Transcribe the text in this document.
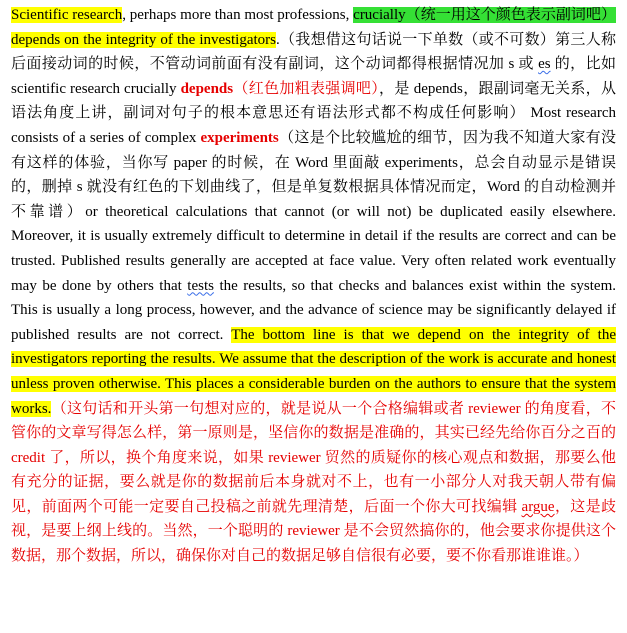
Scientific research, perhaps more than most professions, crucially（统一用这个颜色表示副词吧）depends on the integrity of the investigators.（我想借这句话说一下单数（或不可数）第三人称后面接动词的时候，不管动词前面有没有副词，这个动词都得根据情况加 s 或 es 的，比如 scientific research crucially depends（红色加粗表强调吧），是 depends，跟副词毫无关系，从语法角度上讲，副词对句子的根本意思还有语法形式都不构成任何影响） Most research consists of a series of complex experiments（这是个比较尴尬的细节，因为我不知道大家有没有这样的体验，当你写 paper 的时候，在 Word 里面敲 experiments，总会自动显示是错误的，删掉 s 就没有红色的下划曲线了，但是单复数根据具体情况而定，Word 的自动检测并不靠谱）or theoretical calculations that cannot (or will not) be duplicated easily elsewhere. Moreover, it is usually extremely difficult to determine in detail if the results are correct and can be trusted. Published results generally are accepted at face value. Very often related work eventually may be done by others that tests the results, so that checks and balances exist within the system. This is usually a long process, however, and the advance of science may be significantly delayed if published results are not correct. The bottom line is that we depend on the integrity of the investigators reporting the results. We assume that the description of the work is accurate and honest unless proven otherwise. This places a considerable burden on the authors to ensure that the system works.（这句话和开头第一句想对应的，就是说从一个合格编辑或者 reviewer 的角度看，不管你的文章写得怎么样，第一原则是，坚信你的数据是准确的，其实已经先给你百分之百的 credit 了，所以，换个角度来说，如果 reviewer 贸然的质疑你的核心观点和数据，那要么他有充分的证据，要么就是你的数据前后本身就对不上，也有一小部分人对我天朝人带有偏见，前面两个可能一定要自己投稿之前就先理清楚，后面一个你大可找编辑 argue，这是歧视，是要上纲上线的。当然，一个聪明的 reviewer 是不会贸然搞你的，他会要求你提供这个数据，那个数据，所以，确保你对自己的数据足够自信很有必要，要不你看那谁谁谁。）
